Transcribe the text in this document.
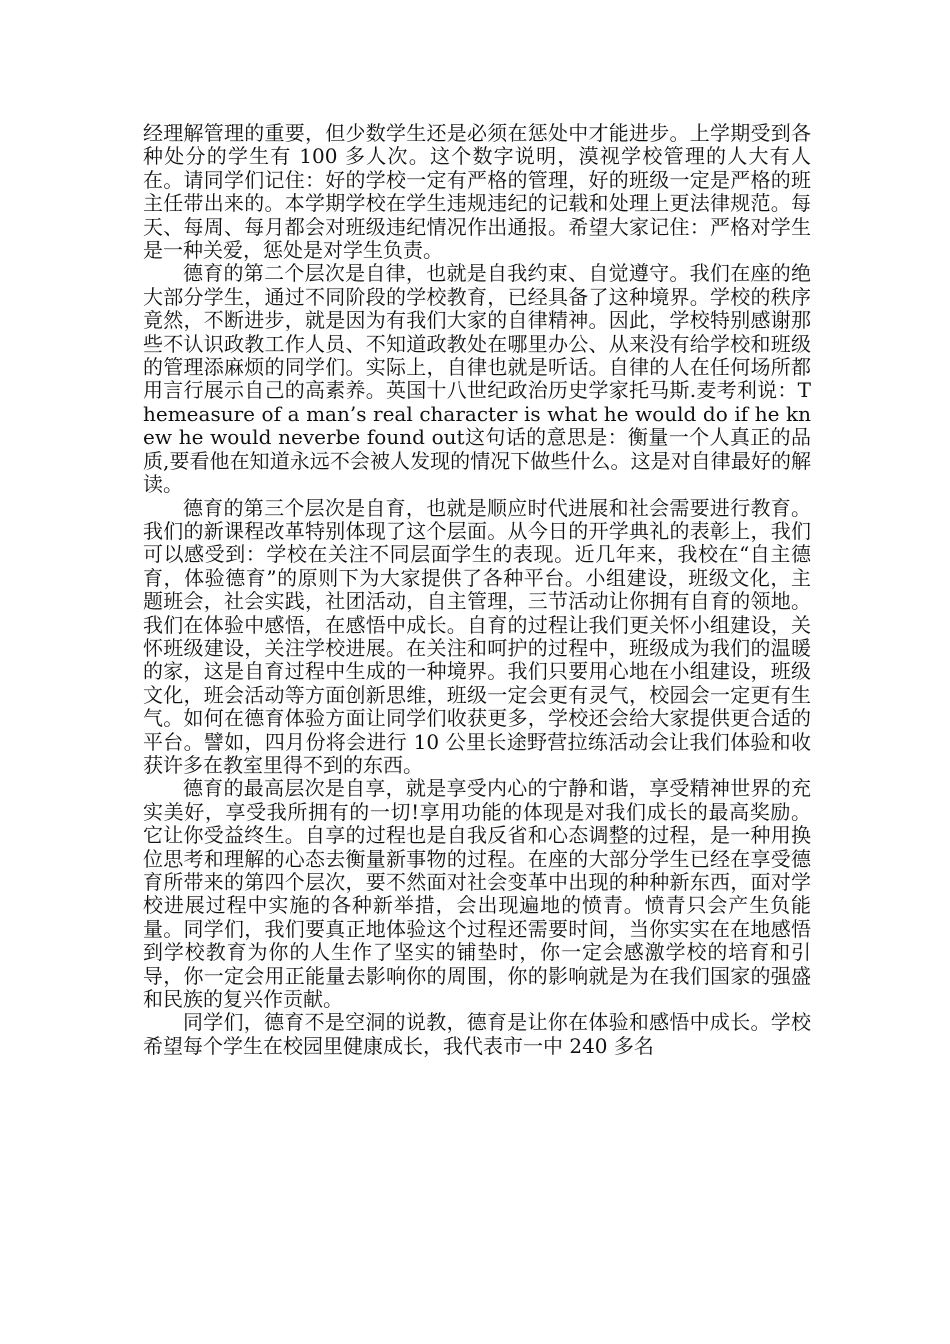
经理解管理的重要，但少数学生还是必须在惩处中才能进步。上学期受到各种处分的学生有 100 多人次。这个数字说明，漠视学校管理的人大有人在。请同学们记住：好的学校一定有严格的管理，好的班级一定是严格的班主任带出来的。本学期学校在学生违规违纪的记载和处理上更法律规范。每天、每周、每月都会对班级违纪情况作出通报。希望大家记住：严格对学生是一种关爱，惩处是对学生负责。

德育的第二个层次是自律，也就是自我约束、自觉遵守。我们在座的绝大部分学生，通过不同阶段的学校教育，已经具备了这种境界。学校的秩序竟然，不断进步，就是因为有我们大家的自律精神。因此，学校特别感谢那些不认识政教工作人员、不知道政教处在哪里办公、从来没有给学校和班级的管理添麻烦的同学们。实际上，自律也就是听话。自律的人在任何场所都用言行展示自己的高素养。英国十八世纪政治历史学家托马斯.麦考利说：Themeasure of a man’s real character is what he would do if he knew he would neverbe found out这句话的意思是：衡量一个人真正的品质,要看他在知道永远不会被人发现的情况下做些什么。这是对自律最好的解读。

德育的第三个层次是自育，也就是顺应时代进展和社会需要进行教育。我们的新课程改革特别体现了这个层面。从今日的开学典礼的表彰上，我们可以感受到：学校在关注不同层面学生的表现。近几年来，我校在“自主德育，体验德育”的原则下为大家提供了各种平台。小组建设，班级文化，主题班会，社会实践，社团活动，自主管理，三节活动让你拥有自育的领地。我们在体验中感悟，在感悟中成长。自育的过程让我们更关怀小组建设，关怀班级建设，关注学校进展。在关注和呵护的过程中，班级成为我们的温暖的家，这是自育过程中生成的一种境界。我们只要用心地在小组建设，班级文化，班会活动等方面创新思维，班级一定会更有灵气，校园会一定更有生气。如何在德育体验方面让同学们收获更多，学校还会给大家提供更合适的平台。譬如，四月份将会进行 10 公里长途野营拉练活动会让我们体验和收获许多在教室里得不到的东西。

德育的最高层次是自享，就是享受内心的宁静和谐，享受精神世界的充实美好，享受我所拥有的一切!享用功能的体现是对我们成长的最高奖励。它让你受益终生。自享的过程也是自我反省和心态调整的过程，是一种用换位思考和理解的心态去衡量新事物的过程。在座的大部分学生已经在享受德育所带来的第四个层次，要不然面对社会变革中出现的种种新东西，面对学校进展过程中实施的各种新举措，会出现遍地的愤青。愤青只会产生负能量。同学们，我们要真正地体验这个过程还需要时间，当你实实在在地感悟到学校教育为你的人生作了坚实的铺垫时，你一定会感激学校的培育和引导，你一定会用正能量去影响你的周围，你的影响就是为在我们国家的强盛和民族的复兴作贡献。

同学们，德育不是空洞的说教，德育是让你在体验和感悟中成长。学校希望每个学生在校园里健康成长，我代表市一中 240 多名
